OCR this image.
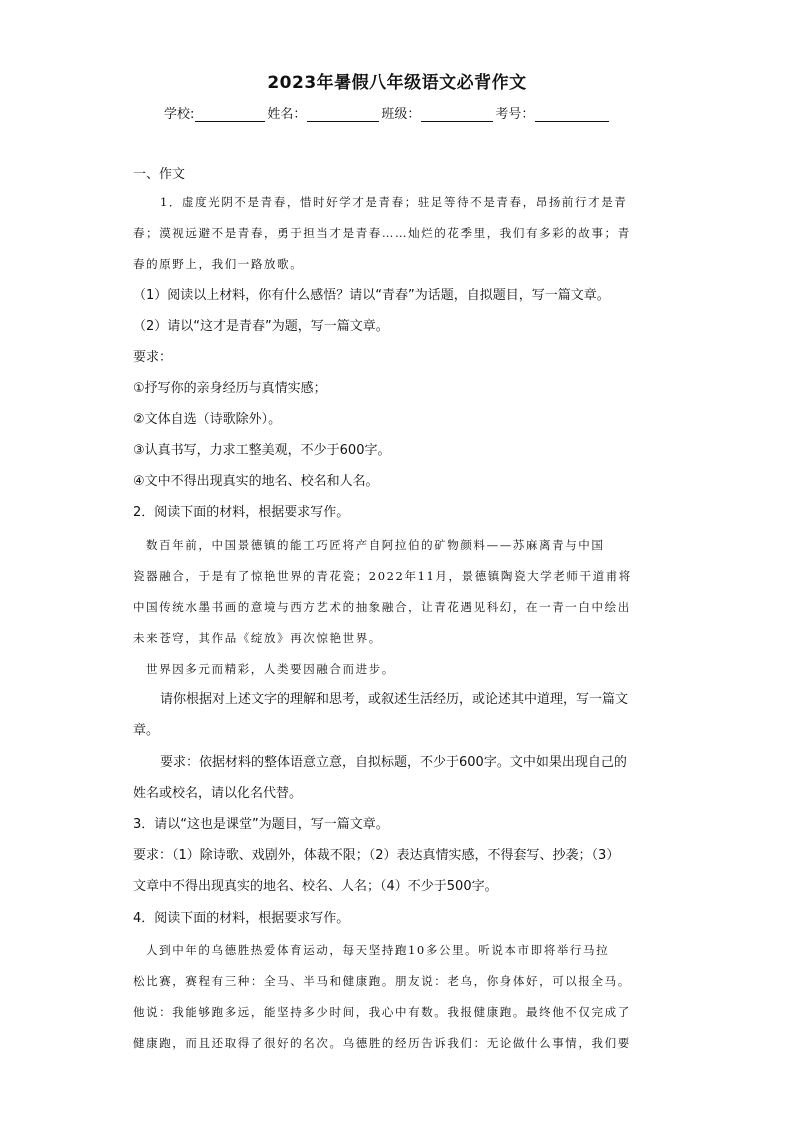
2023年暑假八年级语文必背作文
学校:	姓名：	班级：	考号：
一、作文
1．虚度光阴不是青春，惜时好学才是青春；驻足等待不是青春，昂扬前行才是青
春；漠视远避不是青春，勇于担当才是青春……灿烂的花季里，我们有多彩的故事；青
春的原野上，我们一路放歌。
（1）阅读以上材料，你有什么感悟？请以“青春”为话题，自拟题目，写一篇文章。
（2）请以“这才是青春”为题，写一篇文章。
要求：
①抒写你的亲身经历与真情实感；
②文体自选（诗歌除外）。
③认真书写，力求工整美观，不少于600字。
④文中不得出现真实的地名、校名和人名。
2．阅读下面的材料，根据要求写作。
数百年前，中国景德镇的能工巧匠将产自阿拉伯的矿物颜料——苏麻离青与中国
瓷器融合，于是有了惊艳世界的青花瓷；2022年11月，景德镇陶瓷大学老师干道甫将
中国传统水墨书画的意境与西方艺术的抽象融合，让青花遇见科幻，在一青一白中绘出
未来苍穹，其作品《绽放》再次惊艳世界。
世界因多元而精彩，人类要因融合而进步。
请你根据对上述文字的理解和思考，或叙述生活经历，或论述其中道理，写一篇文
章。
要求：依据材料的整体语意立意，自拟标题，不少于600字。文中如果出现自己的
姓名或校名，请以化名代替。
3．请以“这也是课堂”为题目，写一篇文章。
要求：（1）除诗歌、戏剧外，体裁不限；（2）表达真情实感，不得套写、抄袭；（3）
文章中不得出现真实的地名、校名、人名；（4）不少于500字。
4．阅读下面的材料，根据要求写作。
人到中年的乌德胜热爱体育运动，每天坚持跑10多公里。听说本市即将举行马拉
松比赛，赛程有三种：全马、半马和健康跑。朋友说：老乌，你身体好，可以报全马。
他说：我能够跑多远，能坚持多少时间，我心中有数。我报健康跑。最终他不仅完成了
健康跑，而且还取得了很好的名次。乌德胜的经历告诉我们：无论做什么事情，我们要
